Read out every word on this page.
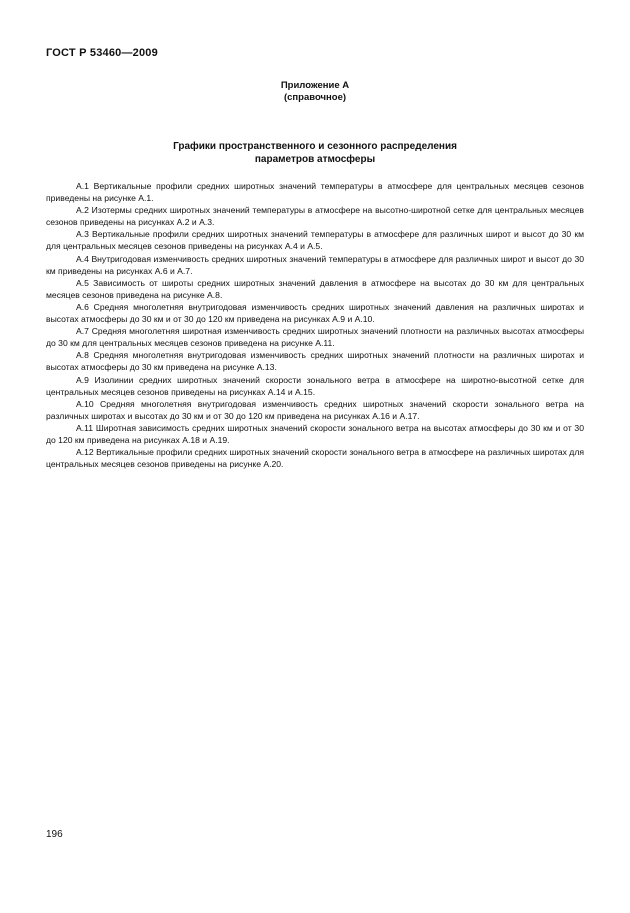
ГОСТ Р 53460—2009
Приложение А
(справочное)
Графики пространственного и сезонного распределения
параметров атмосферы

А.1 Вертикальные профили средних широтных значений температуры в атмосфере для центральных месяцев сезонов приведены на рисунке А.1.

А.2 Изотермы средних широтных значений температуры в атмосфере на высотно-широтной сетке для центральных месяцев сезонов приведены на рисунках А.2 и А.3.

А.3 Вертикальные профили средних широтных значений температуры в атмосфере для различных широт и высот до 30 км для центральных месяцев сезонов приведены на рисунках А.4 и А.5.

А.4 Внутригодовая изменчивость средних широтных значений температуры в атмосфере для различных широт и высот до 30 км приведены на рисунках А.6 и А.7.

А.5 Зависимость от широты средних широтных значений давления в атмосфере на высотах до 30 км для центральных месяцев сезонов приведена на рисунке А.8.

А.6 Средняя многолетняя внутригодовая изменчивость средних широтных значений давления на различных широтах и высотах атмосферы до 30 км и от 30 до 120 км приведена на рисунках А.9 и А.10.

А.7 Средняя многолетняя широтная изменчивость средних широтных значений плотности на различных высотах атмосферы до 30 км для центральных месяцев сезонов приведена на рисунке А.11.

А.8 Средняя многолетняя внутригодовая изменчивость средних широтных значений плотности на различных широтах и высотах атмосферы до 30 км приведена на рисунке А.13.

А.9 Изолинии средних широтных значений скорости зонального ветра в атмосфере на широтно-высотной сетке для центральных месяцев сезонов приведены на рисунках А.14 и А.15.

А.10 Средняя многолетняя внутригодовая изменчивость средних широтных значений скорости зонального ветра на различных широтах и высотах до 30 км и от 30 до 120 км приведена на рисунках А.16 и А.17.

А.11 Широтная зависимость средних широтных значений скорости зонального ветра на высотах атмосферы до 30 км и от 30 до 120 км приведена на рисунках А.18 и А.19.

А.12 Вертикальные профили средних широтных значений скорости зонального ветра в атмосфере на различных широтах для центральных месяцев сезонов приведены на рисунке А.20.

196
